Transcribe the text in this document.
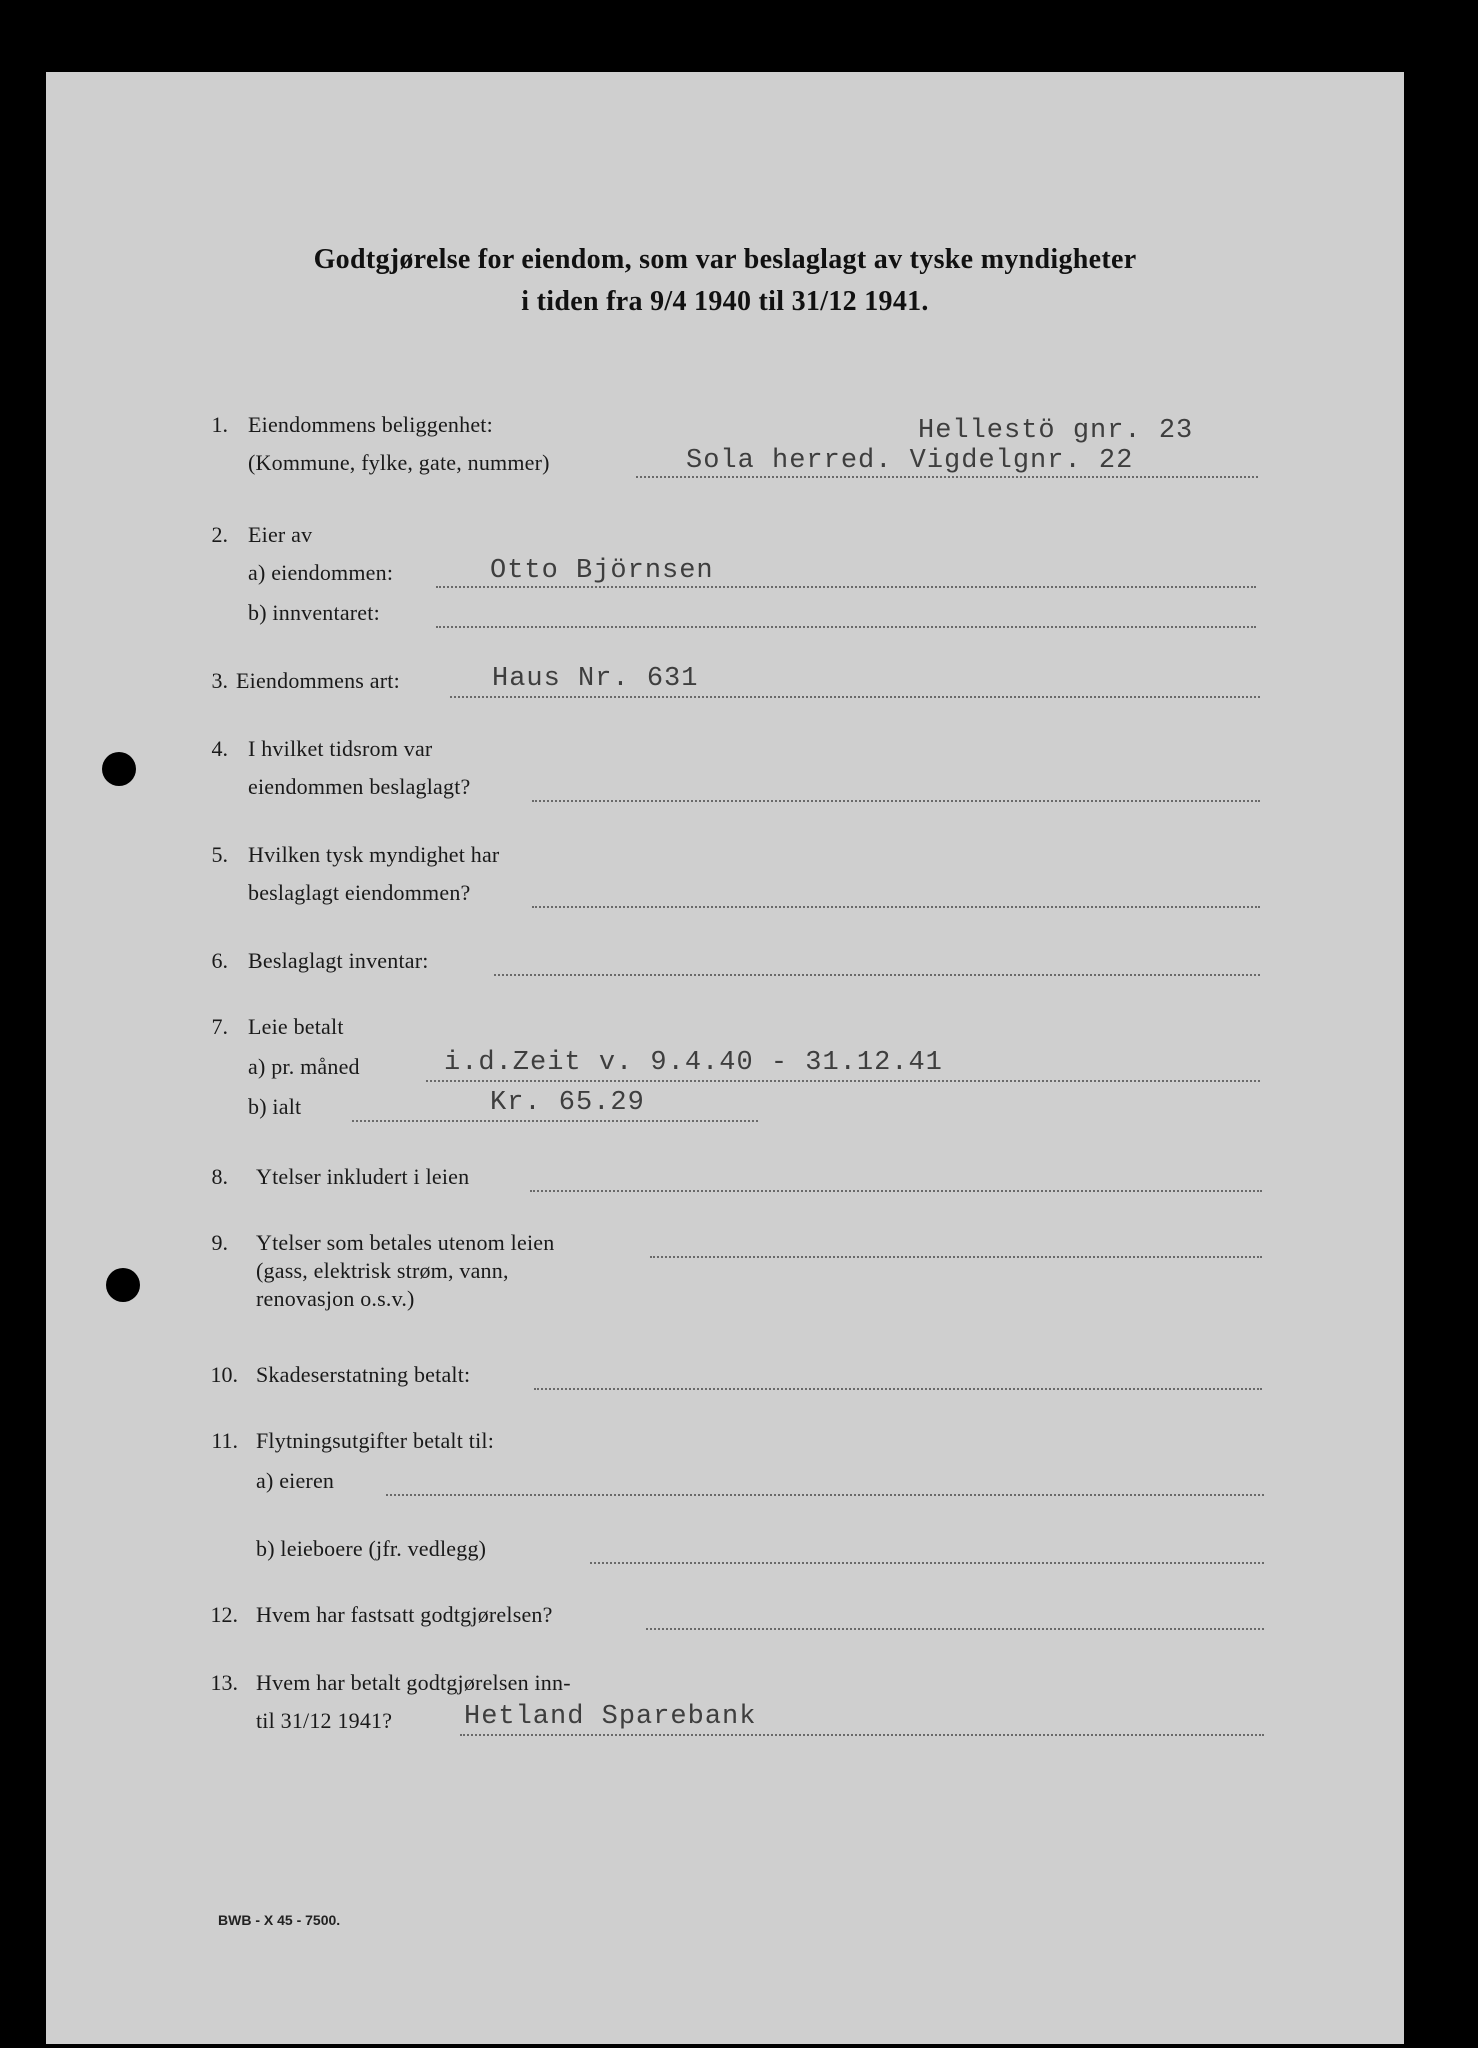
Godtgjørelse for eiendom, som var beslaglagt av tyske myndigheter
i tiden fra 9/4 1940 til 31/12 1941.
1. Eiendommens beliggenhet:
(Kommune, fylke, gate, nummer)
Hellestö gnr. 23
Sola herred. Vigdelgnr. 22
2. Eier av
a) eiendommen:	Otto Björnsen
b) innventaret:
3. Eiendommens art:	Haus Nr. 631
4. I hvilket tidsrom var
eiendommen beslaglagt?
5. Hvilken tysk myndighet har
beslaglagt eiendommen?
6. Beslaglagt inventar:
7. Leie betalt
a) pr. måned	i.d.Zeit v. 9.4.40 - 31.12.41
b) ialt	Kr. 65.29
8. Ytelser inkludert i leien
9. Ytelser som betales utenom leien
(gass, elektrisk strøm, vann,
renovasjon o.s.v.)
10. Skadeserstatning betalt:
11. Flytningsutgifter betalt til:
a) eieren
b) leieboere (jfr. vedlegg)
12. Hvem har fastsatt godtgjørelsen?
13. Hvem har betalt godtgjørelsen inn-
til 31/12 1941?	Hetland Sparebank
BWB - X 45 - 7500.
